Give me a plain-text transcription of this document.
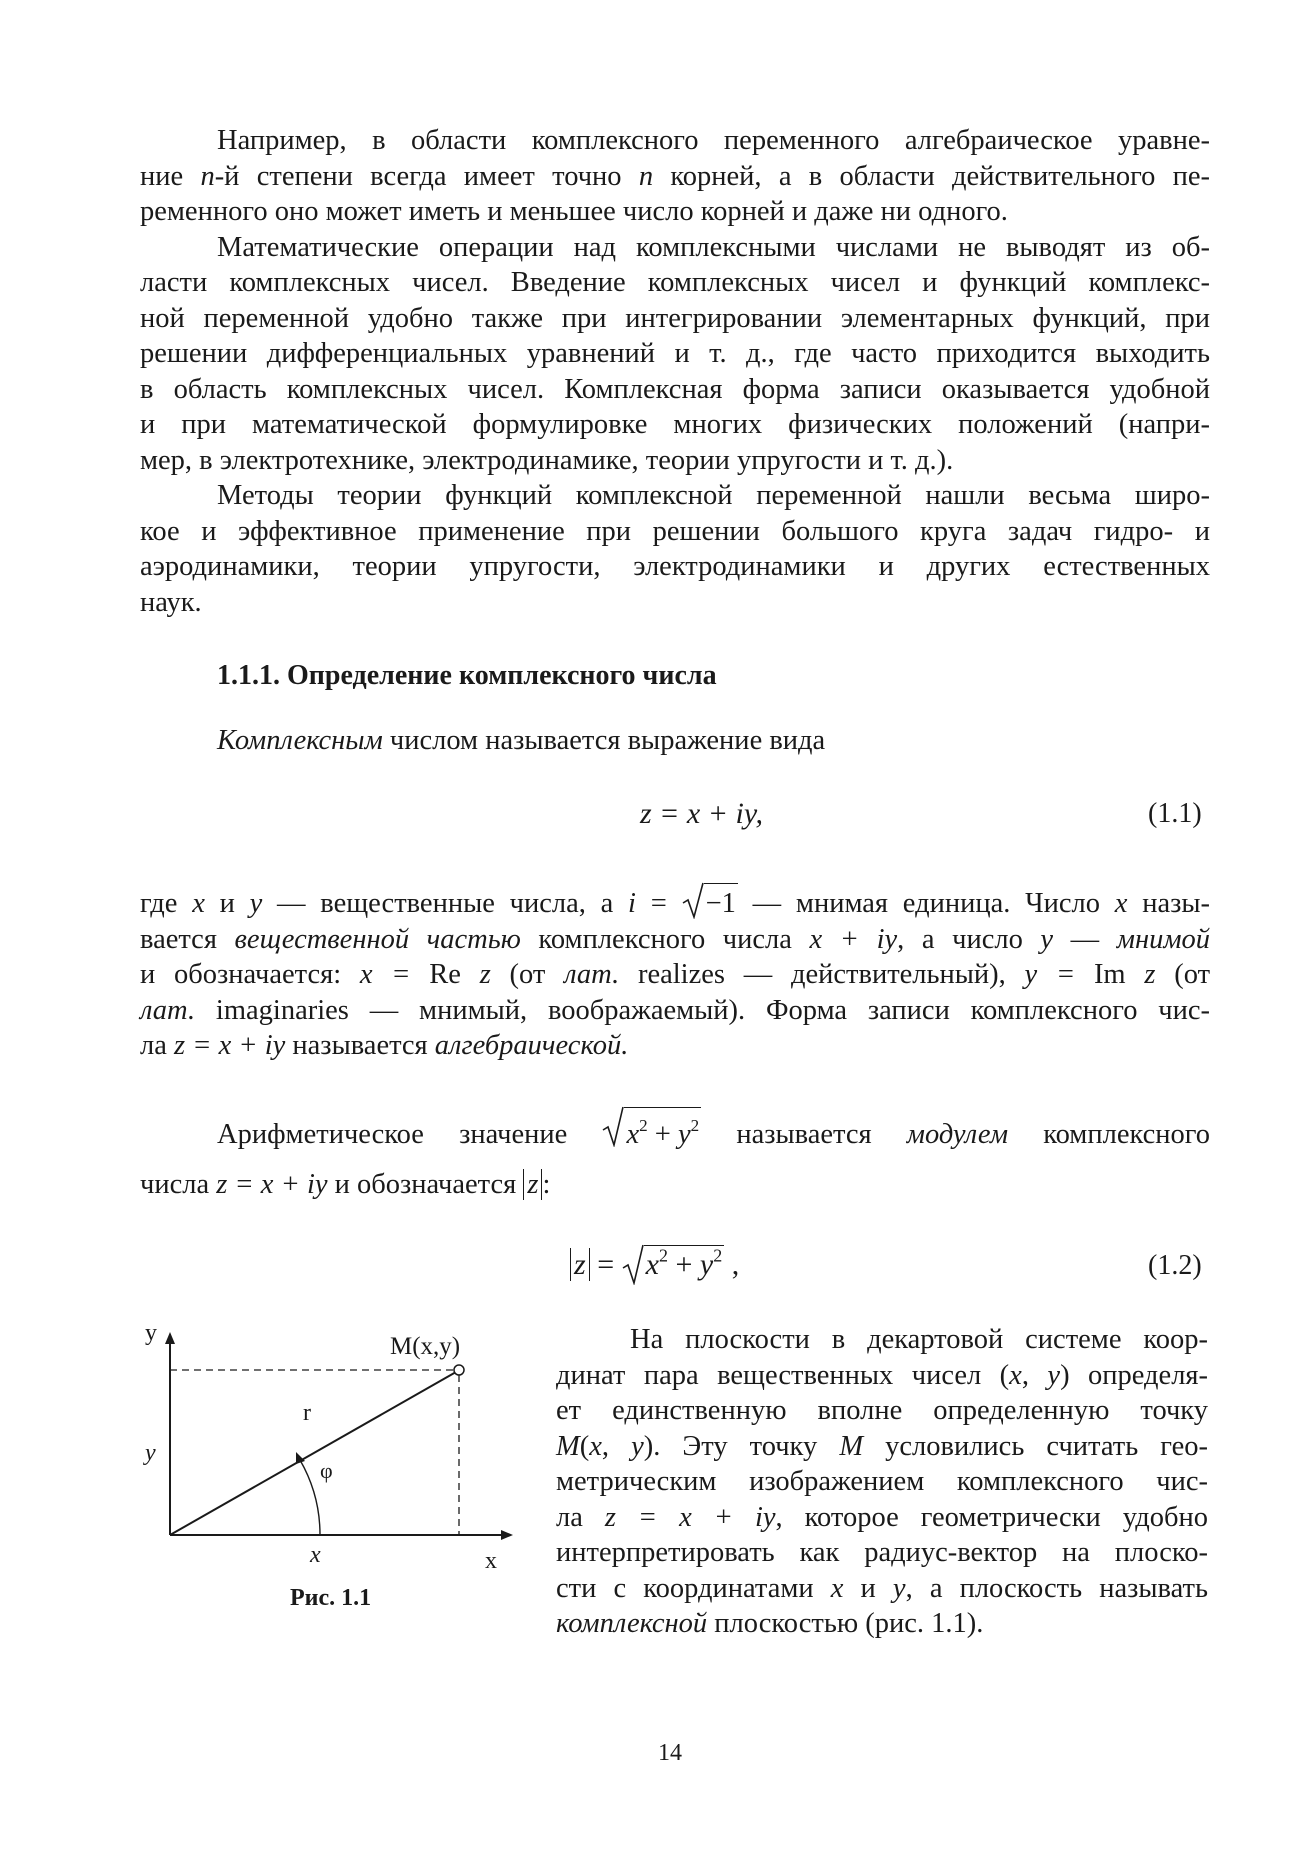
Например, в области комплексного переменного алгебраическое уравне-
ние n-й степени всегда имеет точно n корней, а в области действительного пе-
ременного оно может иметь и меньшее число корней и даже ни одного.
Математические операции над комплексными числами не выводят из об-
ласти комплексных чисел. Введение комплексных чисел и функций комплекс-
ной переменной удобно также при интегрировании элементарных функций, при
решении дифференциальных уравнений и т. д., где часто приходится выходить
в область комплексных чисел. Комплексная форма записи оказывается удобной
и при математической формулировке многих физических положений (напри-
мер, в электротехнике, электродинамике, теории упругости и т. д.).
Методы теории функций комплексной переменной нашли весьма широ-
кое и эффективное применение при решении большого круга задач гидро- и
аэродинамики, теории упругости, электродинамики и других естественных
наук.
1.1.1. Определение комплексного числа
Комплексным числом называется выражение вида
z = x + iy,	(1.1)
где x и y — вещественные числа, а i =
−1 — мнимая единица. Число x назы-
вается вещественной частью комплексного числа x + iy, а число y — мнимой
и обозначается: x = Re z (от лат. realizes — действительный), y = Im z (от
лат. imaginaries — мнимый, воображаемый). Форма записи комплексного чис-
ла z = x + iy называется алгебраической.
Арифметическое значение
$x^2 + y^2$ называется модулем комплексного
числа z = x + iy и обозначается z :
z =
$x^2 + y^2$ ,	(1.2)
y
x
M(x,y)
r
φ
x
y
Рис. 1.1
На плоскости в декартовой системе коор-
динат пара вещественных чисел (x, y) определя-
ет единственную вполне определенную точку
M(x, y). Эту точку M условились считать гео-
метрическим изображением комплексного чис-
ла z = x + iy, которое геометрически удобно
интерпретировать как радиус-вектор на плоско-
сти с координатами x и y, а плоскость называть
комплексной плоскостью (рис. 1.1).
14
